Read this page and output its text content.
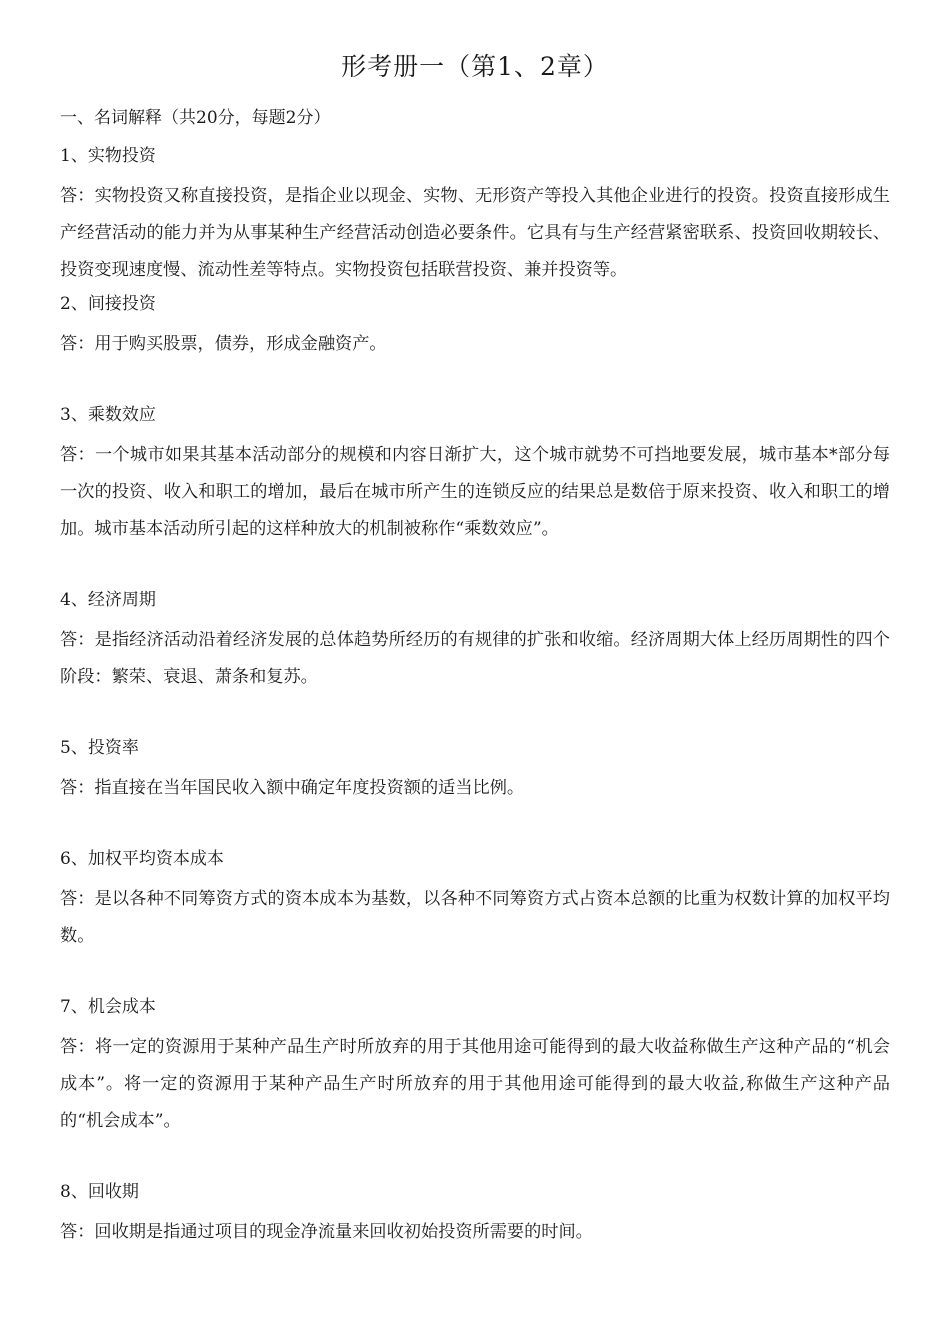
形考册一（第1、2章）
一、名词解释（共20分，每题2分）
1、实物投资
答：实物投资又称直接投资，是指企业以现金、实物、无形资产等投入其他企业进行的投资。投资直接形成生产经营活动的能力并为从事某种生产经营活动创造必要条件。它具有与生产经营紧密联系、投资回收期较长、投资变现速度慢、流动性差等特点。实物投资包括联营投资、兼并投资等。
2、间接投资
答：用于购买股票，债券，形成金融资产。
3、乘数效应
答：一个城市如果其基本活动部分的规模和内容日渐扩大，这个城市就势不可挡地要发展，城市基本*部分每一次的投资、收入和职工的增加，最后在城市所产生的连锁反应的结果总是数倍于原来投资、收入和职工的增加。城市基本活动所引起的这样种放大的机制被称作“乘数效应”。
4、经济周期
答：是指经济活动沿着经济发展的总体趋势所经历的有规律的扩张和收缩。经济周期大体上经历周期性的四个阶段：繁荣、衰退、萧条和复苏。
5、投资率
答：指直接在当年国民收入额中确定年度投资额的适当比例。
6、加权平均资本成本
答：是以各种不同筹资方式的资本成本为基数，以各种不同筹资方式占资本总额的比重为权数计算的加权平均数。
7、机会成本
答：将一定的资源用于某种产品生产时所放弃的用于其他用途可能得到的最大收益称做生产这种产品的“机会成本”。将一定的资源用于某种产品生产时所放弃的用于其他用途可能得到的最大收益,称做生产这种产品的“机会成本”。
8、回收期
答：回收期是指通过项目的现金净流量来回收初始投资所需要的时间。
